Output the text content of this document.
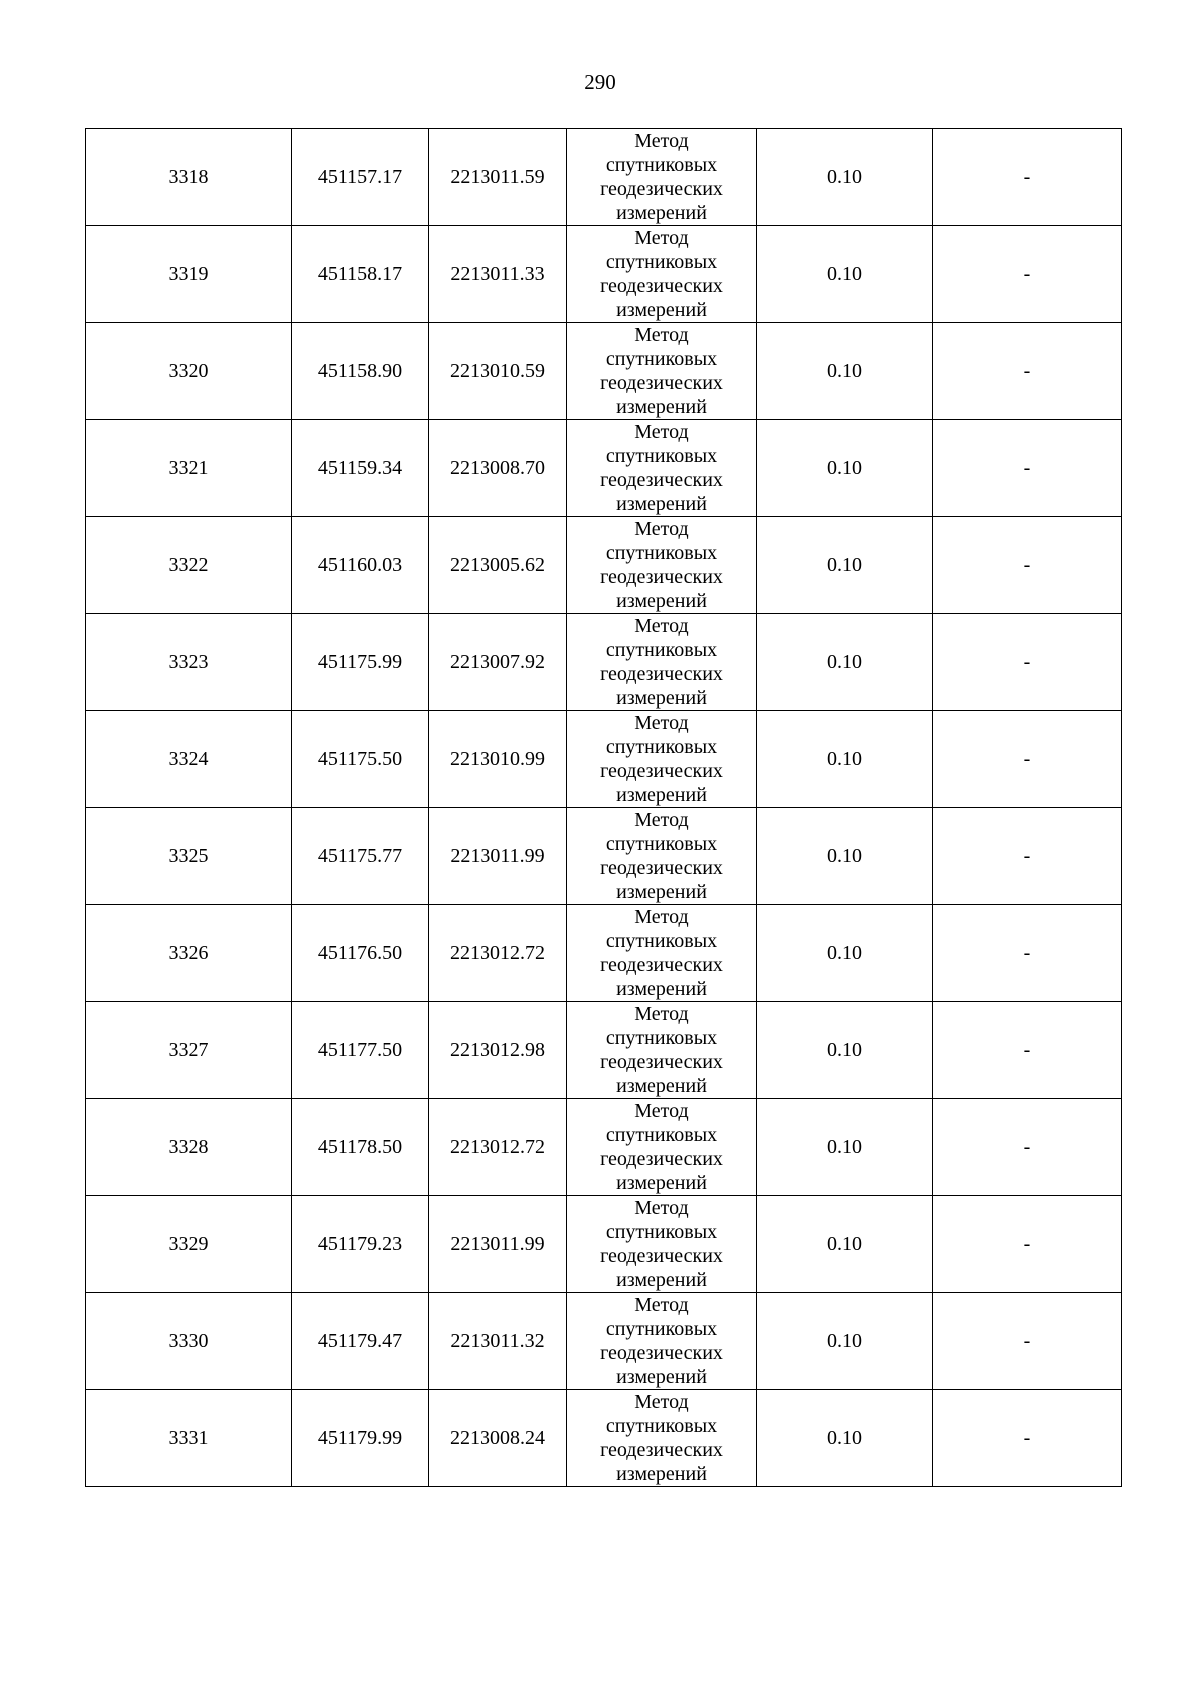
290
3318	451157.17	2213011.59	Метод
спутниковых
геодезических
измерений	0.10	-
3319	451158.17	2213011.33	Метод
спутниковых
геодезических
измерений	0.10	-
3320	451158.90	2213010.59	Метод
спутниковых
геодезических
измерений	0.10	-
3321	451159.34	2213008.70	Метод
спутниковых
геодезических
измерений	0.10	-
3322	451160.03	2213005.62	Метод
спутниковых
геодезических
измерений	0.10	-
3323	451175.99	2213007.92	Метод
спутниковых
геодезических
измерений	0.10	-
3324	451175.50	2213010.99	Метод
спутниковых
геодезических
измерений	0.10	-
3325	451175.77	2213011.99	Метод
спутниковых
геодезических
измерений	0.10	-
3326	451176.50	2213012.72	Метод
спутниковых
геодезических
измерений	0.10	-
3327	451177.50	2213012.98	Метод
спутниковых
геодезических
измерений	0.10	-
3328	451178.50	2213012.72	Метод
спутниковых
геодезических
измерений	0.10	-
3329	451179.23	2213011.99	Метод
спутниковых
геодезических
измерений	0.10	-
3330	451179.47	2213011.32	Метод
спутниковых
геодезических
измерений	0.10	-
3331	451179.99	2213008.24	Метод
спутниковых
геодезических
измерений	0.10	-
